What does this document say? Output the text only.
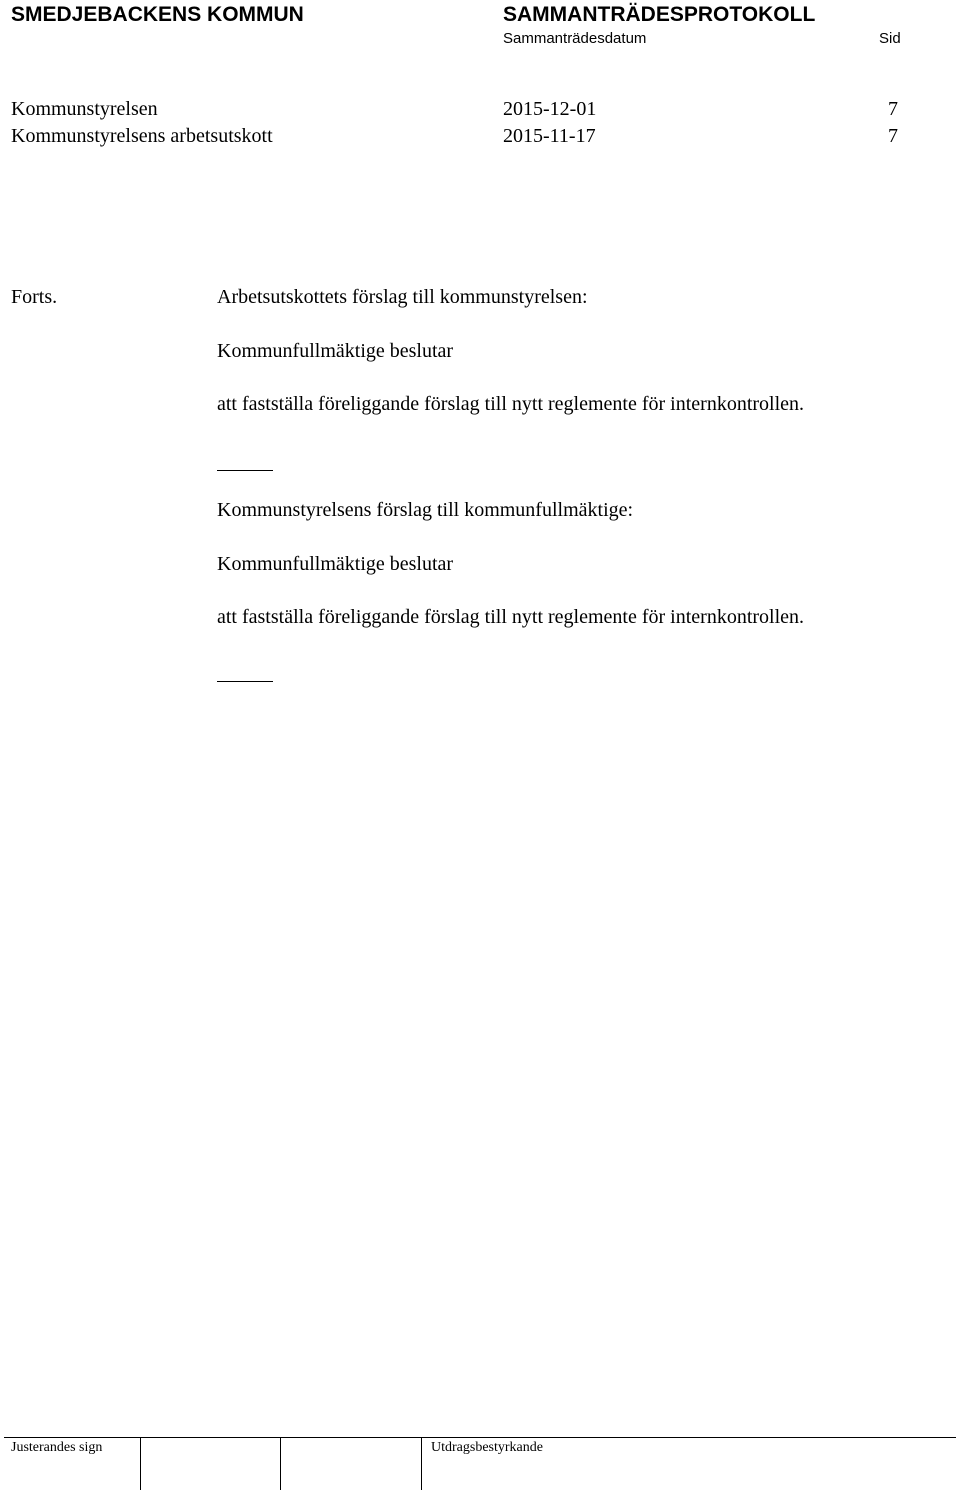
SMEDJEBACKENS KOMMUN	SAMMANTRÄDESPROTOKOLL
Sammanträdesdatum	Sid
Kommunstyrelsen	2015-12-01	7
Kommunstyrelsens arbetsutskott	2015-11-17	7
Forts.	Arbetsutskottets förslag till kommunstyrelsen:
Kommunfullmäktige beslutar
att fastställa föreliggande förslag till nytt reglemente för internkontrollen.
Kommunstyrelsens förslag till kommunfullmäktige:
Kommunfullmäktige beslutar
att fastställa föreliggande förslag till nytt reglemente för internkontrollen.
Justerandes sign	Utdragsbestyrkande
